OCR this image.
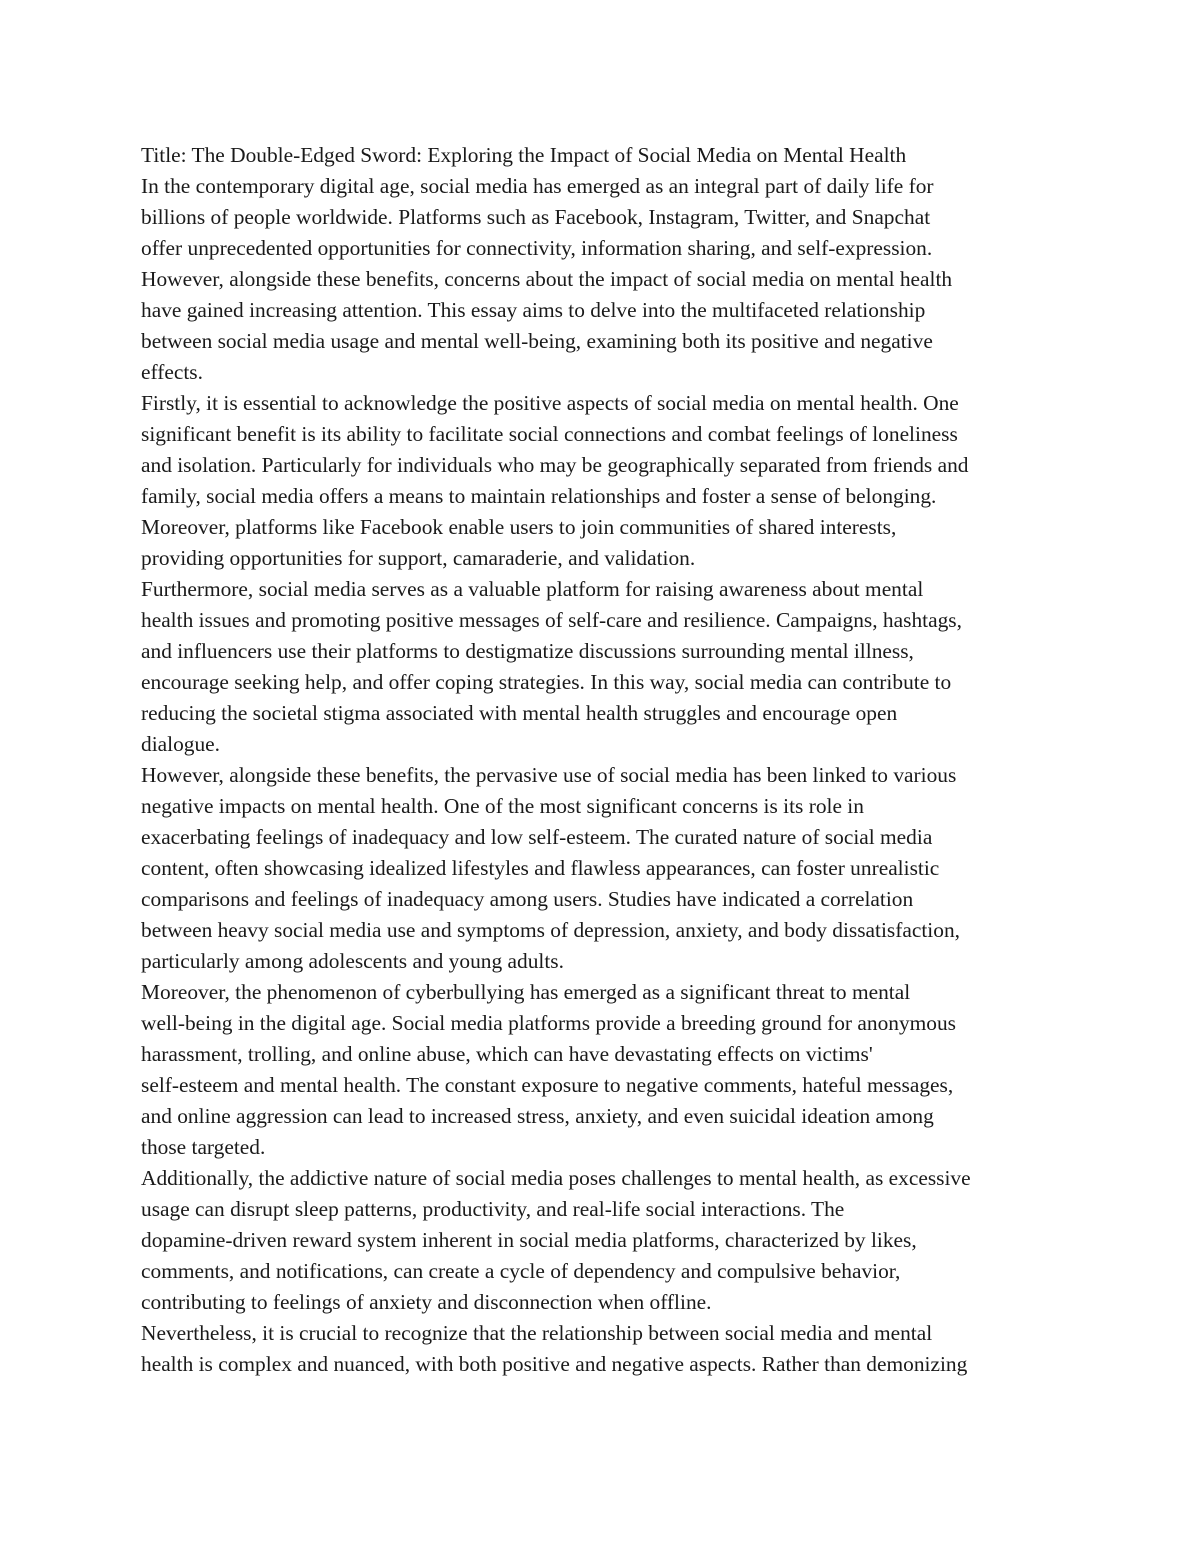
Title: The Double-Edged Sword: Exploring the Impact of Social Media on Mental Health
In the contemporary digital age, social media has emerged as an integral part of daily life for
billions of people worldwide. Platforms such as Facebook, Instagram, Twitter, and Snapchat
offer unprecedented opportunities for connectivity, information sharing, and self-expression.
However, alongside these benefits, concerns about the impact of social media on mental health
have gained increasing attention. This essay aims to delve into the multifaceted relationship
between social media usage and mental well-being, examining both its positive and negative
effects.
Firstly, it is essential to acknowledge the positive aspects of social media on mental health. One
significant benefit is its ability to facilitate social connections and combat feelings of loneliness
and isolation. Particularly for individuals who may be geographically separated from friends and
family, social media offers a means to maintain relationships and foster a sense of belonging.
Moreover, platforms like Facebook enable users to join communities of shared interests,
providing opportunities for support, camaraderie, and validation.
Furthermore, social media serves as a valuable platform for raising awareness about mental
health issues and promoting positive messages of self-care and resilience. Campaigns, hashtags,
and influencers use their platforms to destigmatize discussions surrounding mental illness,
encourage seeking help, and offer coping strategies. In this way, social media can contribute to
reducing the societal stigma associated with mental health struggles and encourage open
dialogue.
However, alongside these benefits, the pervasive use of social media has been linked to various
negative impacts on mental health. One of the most significant concerns is its role in
exacerbating feelings of inadequacy and low self-esteem. The curated nature of social media
content, often showcasing idealized lifestyles and flawless appearances, can foster unrealistic
comparisons and feelings of inadequacy among users. Studies have indicated a correlation
between heavy social media use and symptoms of depression, anxiety, and body dissatisfaction,
particularly among adolescents and young adults.
Moreover, the phenomenon of cyberbullying has emerged as a significant threat to mental
well-being in the digital age. Social media platforms provide a breeding ground for anonymous
harassment, trolling, and online abuse, which can have devastating effects on victims'
self-esteem and mental health. The constant exposure to negative comments, hateful messages,
and online aggression can lead to increased stress, anxiety, and even suicidal ideation among
those targeted.
Additionally, the addictive nature of social media poses challenges to mental health, as excessive
usage can disrupt sleep patterns, productivity, and real-life social interactions. The
dopamine-driven reward system inherent in social media platforms, characterized by likes,
comments, and notifications, can create a cycle of dependency and compulsive behavior,
contributing to feelings of anxiety and disconnection when offline.
Nevertheless, it is crucial to recognize that the relationship between social media and mental
health is complex and nuanced, with both positive and negative aspects. Rather than demonizing
